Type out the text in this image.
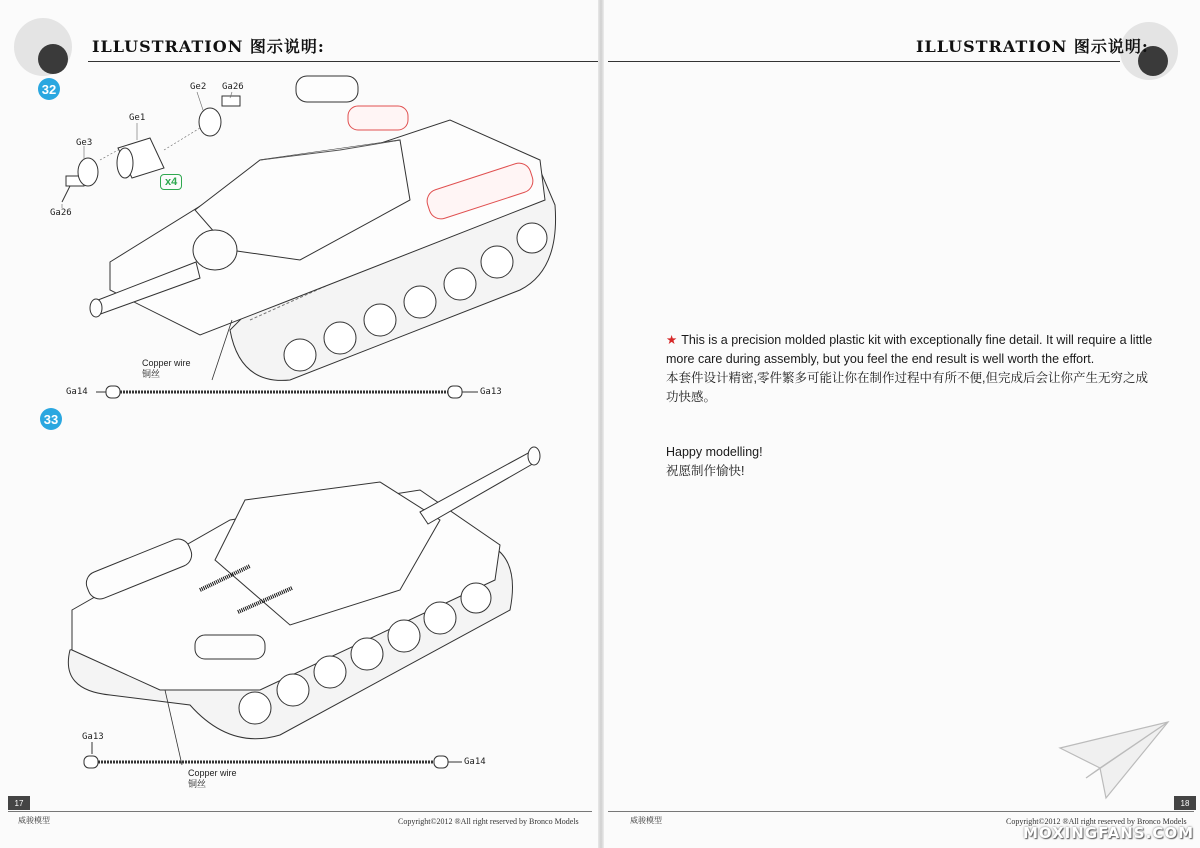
ILLUSTRATION 图示说明:
32
Ge3
Ge1
Ge2 Ga26
Ga26
x4
Copper wire
铜丝
Ga14	Ga13
33
Ga13
Ga14
Copper wire
铜丝
17
威骏模型	Copyright©2012 ®All right reserved by Bronco Models
ILLUSTRATION 图示说明:
18
威骏模型	Copyright©2012 ®All right reserved by Bronco Models
★ This is a precision molded plastic kit with exceptionally fine detail. It will require a little
more care during assembly, but you feel the end result is well worth the effort.
本套件设计精密,零件繁多可能让你在制作过程中有所不便,但完成后会让你产生无穷之成
功快感。
Happy modelling!
祝愿制作愉快!
MOXINGFANS.COM
